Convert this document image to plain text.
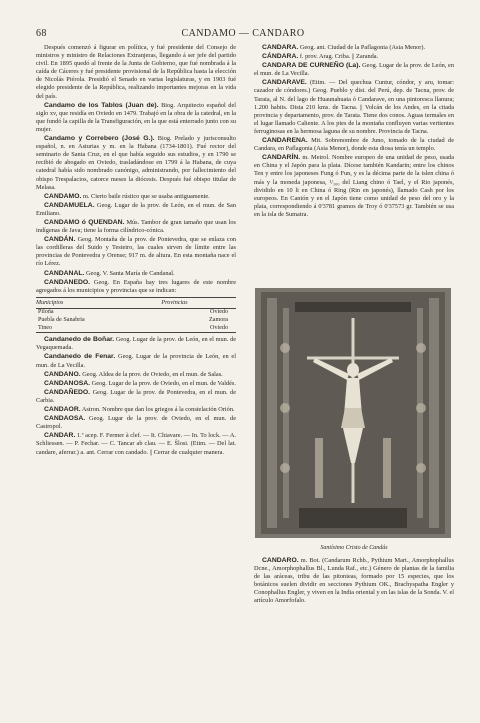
68	CANDAMO — CANDARO

Después comenzó á figurar en política, y fué presidente del Consejo de ministros y ministro de Relaciones Extranjeras, llegando á ser jefe del partido civil. En 1895 quedó al frente de la Junta de Gobierno, que fué nombrada á la caída de Cáceres y fué presidente provisional de la República hasta la elección de Nicolás Piérola. Presidió el Senado en varias legislaturas, y en 1903 fué elegido presidente de la República, realizando importantes mejoras en la vida del país.

Candamo de los Tablos (Juan de). Biog. Arquitecto español del siglo xv, que residía en Oviedo en 1479. Trabajó en la obra de la catedral, en la que fundó la capilla de la Transfiguración, en la que está enterrado junto con su mujer.

Candamo y Correbero (José G.). Biog. Prelado y jurisconsulto español, n. en Asturias y m. en la Habana (1734-1801). Fué rector del seminario de Santa Cruz, en el que había seguido sus estudios, y en 1790 se recibió de abogado en Oviedo, trasladándose en 1799 á la Habana, de cuya catedral había sido nombrado canónigo, administrando, por fallecimiento del obispo Trespalacios, catorce meses la diócesis. Después fué obispo titular de Melasa.

CANDAMO. m. Cierto baile rústico que se usaba antiguamente.

CANDAMUELA. Geog. Lugar de la prov. de León, en el mun. de San Emiliano.

CANDAMO ó QUENDAN. Mús. Tambor de gran tamaño que usan los indígenas de Java; tiene la forma cilíndrico-cónica.

CANDÁN. Geog. Montaña de la prov. de Pontevedra, que se enlaza con las cordilleras del Suido y Testeiro, las cuales sirven de límite entre las provincias de Pontevedra y Orense; 917 m. de altura. En esta montaña nace el río Lérez.

CANDANAL. Geog. V. Santa María de Candanal.

CANDANEDO. Geog. En España hay tres lugares de este nombre agregados á los municipios y provincias que se indican:

Municipios	Provincias
Piloña	Oviedo
Puebla de Sanabria	Zamora
Tineo	Oviedo

Candanedo de Boñar. Geog. Lugar de la prov. de León, en el mun. de Vegaquemada.

Candanedo de Fenar. Geog. Lugar de la provincia de León, en el mun. de La Vecilla.

CANDANO. Geog. Aldea de la prov. de Oviedo, en el mun. de Salas.

CANDANOSA. Geog. Lugar de la prov. de Oviedo, en el mun. de Valdés.

CANDAÑEDO. Geog. Lugar de la prov. de Pontevedra, en el mun. de Carbia.

CANDAOR. Astron. Nombre que dan los griegos á la constelación Orión.

CANDAOSA. Geog. Lugar de la prov. de Oviedo, en el mun. de Castropol.

CANDAR. 1.ª acep. F. Fermer à clef. — It. Chiavare. — In. To lock. — A. Schliessen. — P. Fechar. — C. Tancar ab clau. — E. Ŝlosi. (Etim. — Del lat. candare, aferrar.) a. ant. Cerrar con candado. || Cerrar de cualquier manera.

CANDARA. Geog. ant. Ciudad de la Paflagonia (Asia Menor).

CÁNDARA. f. prov. Arag. Criba. || Zaranda.

CANDARA DE CURNEÑO (La). Geog. Lugar de la prov. de León, en el mun. de La Vecilla.

CANDARAVE. (Etim. — Del quechua Cuntur, cóndor, y aru, tomar: cazador de cóndores.) Geog. Pueblo y dist. del Perú, dep. de Tacna, prov. de Tarata, al N. del lago de Huaunahuata ó Candarave, en una pintoresca llanura; 1.200 habits. Dista 210 kms. de Tacna. || Volcán de los Andes, en la citada provincia y departamento, prov. de Tarata. Tiene dos conos. Aguas termales en el lugar llamado Caliente. A los pies de la montaña confluyen varias vertientes ferruginosas en la hermosa laguna de su nombre. Provincia de Tacna.

CANDARENA. Mit. Sobrenombre de Juno, tomado de la ciudad de Candara, en Paflagonia (Asia Menor), donde esta diosa tenía un templo.

CANDARÍN. m. Metrol. Nombre europeo de una unidad de peso, usada en China y el Japón para la plata. Dícese también Kandarin; entre los chinos Ten y entre los japoneses Fung ó Fun, y es la décima parte de la islen china ó más y la moneda japonesa, ¹/₁₀₀ del Liang chino ó Tael, y el Rio japonés, dividido en 10 li en China ó Ring (Rin en japonés), llamado Cash por los europeos. En Cantón y en el Japón tiene como unidad de peso del oro y la plata, correspondiendo á 0'3781 gramos de Troy ó 0'37573 gr. También se usa en la isla de Sumatra.

Santísimo Cristo de Candás

CANDARO. m. Bot. (Candarum Rchb., Pythium Mart., Amorphophallus Dcne., Amorphophallus Bl., Lunda Raf., etc.) Género de plantas de la familia de las aráceas, tribu de las pitonieas, formado por 15 especies, que los botánicos suelen dividir en secciones Pythium OK., Brachyspatha Engler y Conophallus Engler, y viven en la India oriental y en las islas de la Sonda. V. el artículo Amorfofalo.
